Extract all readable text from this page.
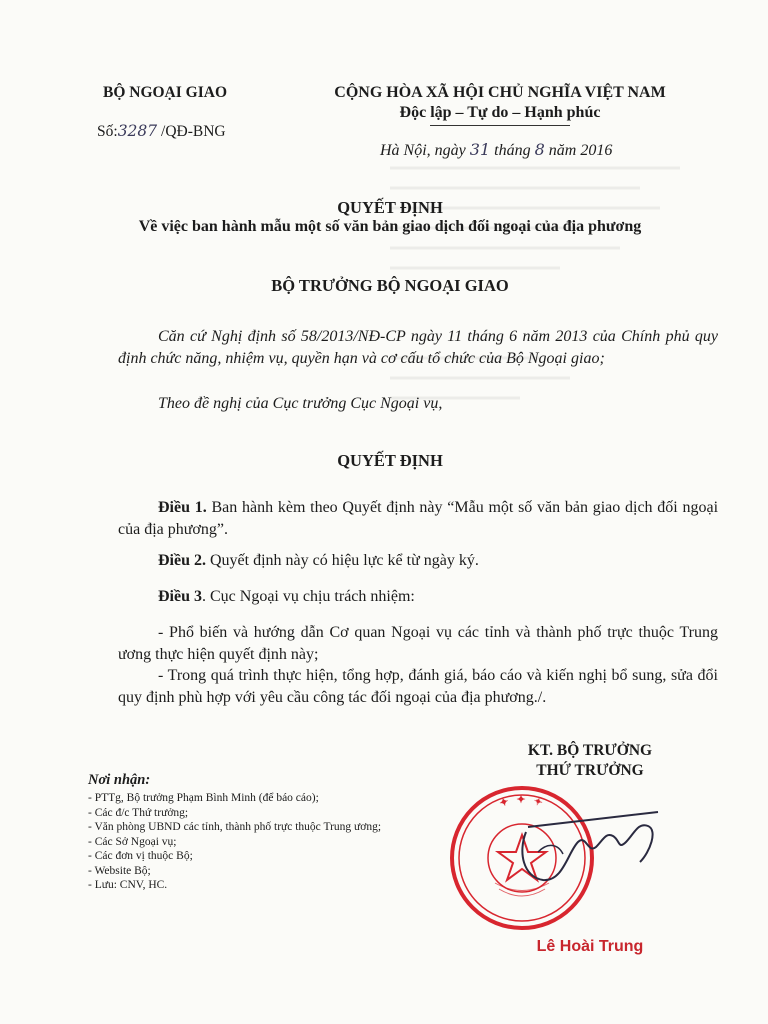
BỘ NGOẠI GIAO
Số:3287 /QĐ-BNG
CỘNG HÒA XÃ HỘI CHỦ NGHĨA VIỆT NAM
Độc lập – Tự do – Hạnh phúc
Hà Nội, ngày 31 tháng 8 năm 2016
QUYẾT ĐỊNH
Về việc ban hành mẫu một số văn bản giao dịch đối ngoại của địa phương
BỘ TRƯỞNG BỘ NGOẠI GIAO
Căn cứ Nghị định số 58/2013/NĐ-CP ngày 11 tháng 6 năm 2013 của Chính phủ quy định chức năng, nhiệm vụ, quyền hạn và cơ cấu tổ chức của Bộ Ngoại giao;
Theo đề nghị của Cục trưởng Cục Ngoại vụ,
QUYẾT ĐỊNH
Điều 1. Ban hành kèm theo Quyết định này “Mẫu một số văn bản giao dịch đối ngoại của địa phương”.
Điều 2. Quyết định này có hiệu lực kể từ ngày ký.
Điều 3. Cục Ngoại vụ chịu trách nhiệm:
- Phổ biến và hướng dẫn Cơ quan Ngoại vụ các tỉnh và thành phố trực thuộc Trung ương thực hiện quyết định này;
- Trong quá trình thực hiện, tổng hợp, đánh giá, báo cáo và kiến nghị bổ sung, sửa đổi quy định phù hợp với yêu cầu công tác đối ngoại của địa phương./.
KT. BỘ TRƯỞNG
THỨ TRƯỞNG
✦ ✦ ✦
Lê Hoài Trung
Nơi nhận:
- PTTg, Bộ trưởng Phạm Bình Minh (để báo cáo);
- Các đ/c Thứ trưởng;
- Văn phòng UBND các tỉnh, thành phố trực thuộc Trung ương;
- Các Sở Ngoại vụ;
- Các đơn vị thuộc Bộ;
- Website Bộ;
- Lưu: CNV, HC.
